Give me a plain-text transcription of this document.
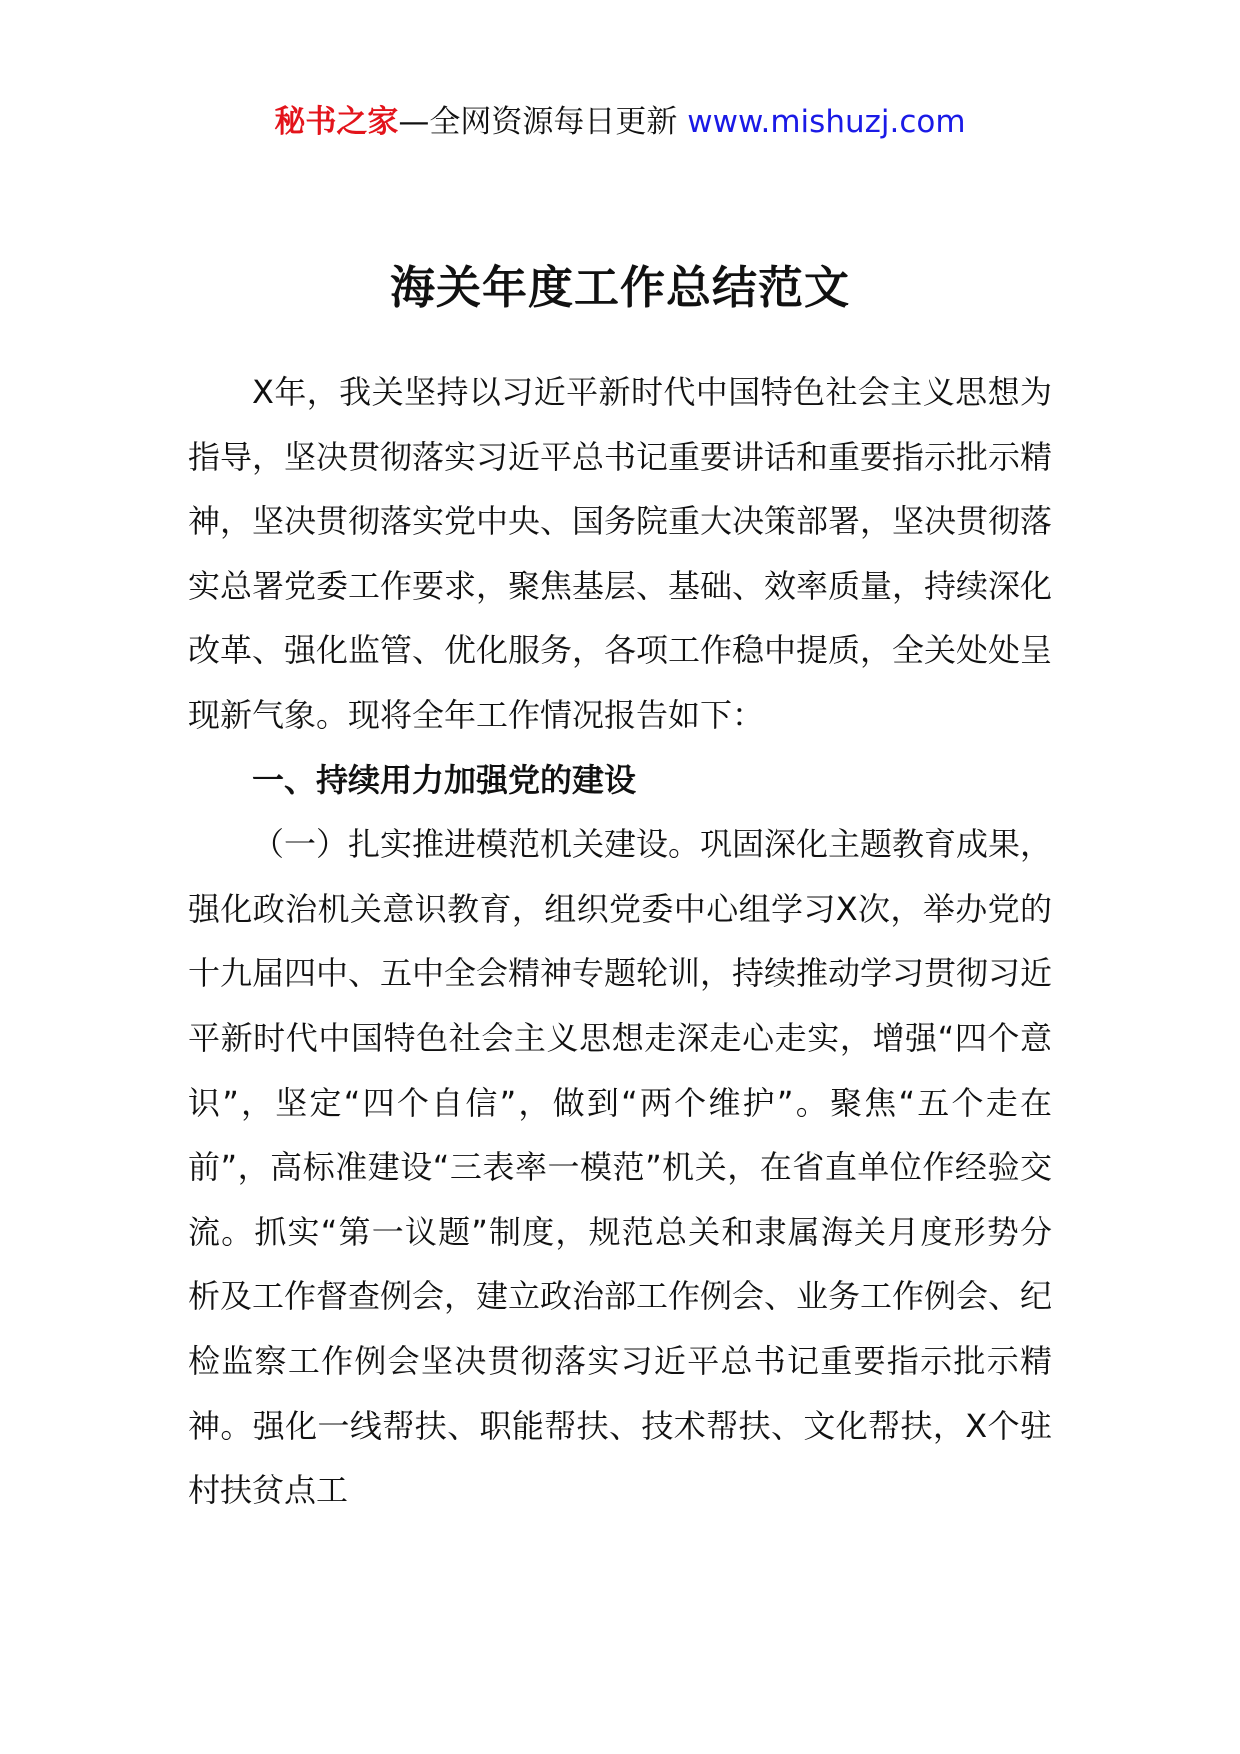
秘书之家—全网资源每日更新 www.mishuzj.com
海关年度工作总结范文

X年，我关坚持以习近平新时代中国特色社会主义思想为指导，坚决贯彻落实习近平总书记重要讲话和重要指示批示精神，坚决贯彻落实党中央、国务院重大决策部署，坚决贯彻落实总署党委工作要求，聚焦基层、基础、效率质量，持续深化改革、强化监管、优化服务，各项工作稳中提质，全关处处呈现新气象。现将全年工作情况报告如下：

一、持续用力加强党的建设

（一）扎实推进模范机关建设。巩固深化主题教育成果，强化政治机关意识教育，组织党委中心组学习X次，举办党的十九届四中、五中全会精神专题轮训，持续推动学习贯彻习近平新时代中国特色社会主义思想走深走心走实，增强“四个意识”，坚定“四个自信”，做到“两个维护”。聚焦“五个走在前”，高标准建设“三表率一模范”机关，在省直单位作经验交流。抓实“第一议题”制度，规范总关和隶属海关月度形势分析及工作督查例会，建立政治部工作例会、业务工作例会、纪检监察工作例会坚决贯彻落实习近平总书记重要指示批示精神。强化一线帮扶、职能帮扶、技术帮扶、文化帮扶，X个驻村扶贫点工
